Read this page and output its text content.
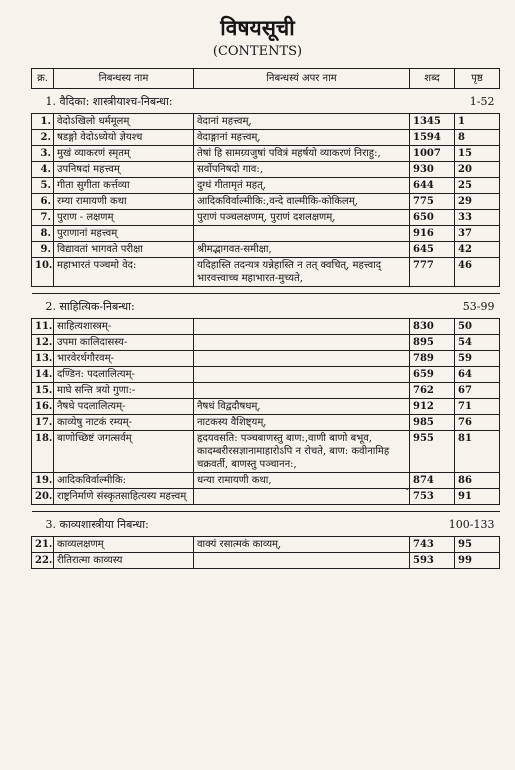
विषयसूची
(CONTENTS)
क्र.	निबन्धस्य नाम	निबन्धस्यं अपर नाम	शब्द	पृष्ठ
1. वैदिका: शास्त्रीयाश्च-निबन्धा: 1-52				

1.	वेदोऽखिलो धर्ममूलम्	वेदानां महत्त्वम्,	1345	1
2.	षडङ्गो वेदोऽध्येयो ज्ञेयश्च	वेदाङ्गानां महत्त्वम्,	1594	8
3.	मुखं व्याकरणं स्मृतम्	तेषां हि सामग्र्यजुषां पवित्रं महर्षयो व्याकरणं निराहु:,	1007	15
4.	उपनिषदां महत्त्वम्	सर्वोपनिषदो गाव:,	930	20
5.	गीता सुगीता कर्त्तव्या	दुग्धं गीतामृतं महत्,	644	25
6.	रम्या रामायणी कथा	आदिकविर्वाल्मीकि:,वन्दे वाल्मीकि-कोकिलम्,	775	29
7.	पुराण - लक्षणम्	पुराणं पञ्चलक्षणम्, पुराणं दशलक्षणम्,	650	33
8.	पुराणानां महत्त्वम्		916	37
9.	विद्यावतां भागवते परीक्षा	श्रीमद्भागवत-समीक्षा,	645	42
10.	महाभारतं पञ्चमो वेद:	यदिहास्ति तदन्यत्र यन्नेहास्ति न तत् क्वचित्, महत्त्वाद् भारवत्त्वाच्च महाभारत-मुच्यते,	777	46

2. साहित्यिक-निबन्धा: 53-99				

11.	साहित्यशास्त्रम्-		830	50
12.	उपमा कालिदासस्य-		895	54
13.	भारवेरर्थगौरवम्-		789	59
14.	दण्डिन: पदलालित्यम्-		659	64
15.	माघे सन्ति त्रयो गुणा:-		762	67
16.	नैषधे पदलालित्यम्-	नैषधं विद्वदौषधम्,	912	71
17.	काव्येषु नाटकं रम्यम्-	नाटकस्य वैशिष्ट्यम्,	985	76
18.	बाणोच्छिष्टं जगत्सर्वम्	हृदयवसति: पञ्चबाणस्तु बाण:,वाणी बाणो बभूव, कादम्बरीरसज्ञानामाहारोऽपि न रोचते, बाण: कवीनामिह चक्रवर्ती, बाणस्तु पञ्चानन:,	955	81
19.	आदिकविर्वाल्मीकि:	धन्या रामायणी कथा,	874	86
20.	राष्ट्रनिर्माणे संस्कृतसाहित्यस्य महत्त्वम्		753	91

3. काव्यशास्त्रीया निबन्धा: 100-133				

21.	काव्यलक्षणम्	वाक्यं रसात्मकं काव्यम्,	743	95
22.	रीतिरात्मा काव्यस्य		593	99
